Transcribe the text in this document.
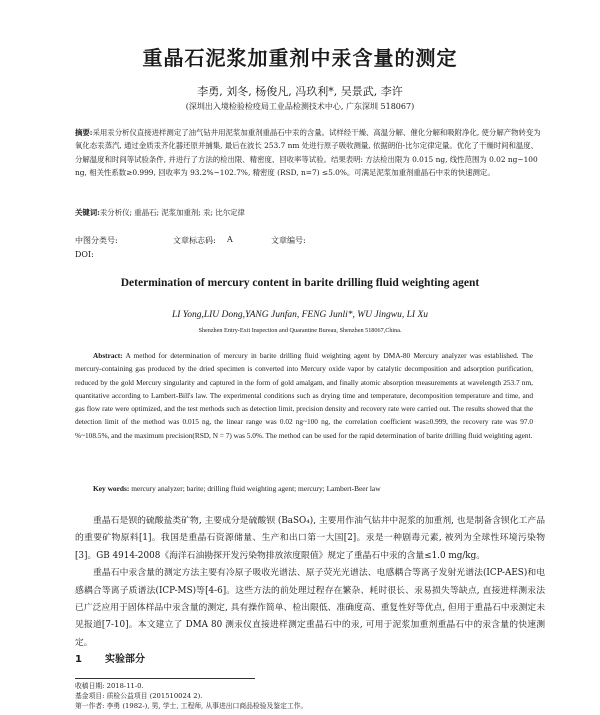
重晶石泥浆加重剂中汞含量的测定
李勇, 刘冬, 杨俊凡, 冯玖利*, 吴景武, 李许
(深圳出入境检验检疫局工业品检测技术中心, 广东深圳 518067)
摘要:采用汞分析仪直接进样测定了油气钻井用泥浆加重剂重晶石中汞的含量。试样经干燥、高温分解、催化分解和吸附净化, 使分解产物转变为氧化态汞蒸汽, 通过金质汞齐化器还原并捕集, 最后在波长 253.7 nm 处进行原子吸收测量, 依据朗伯-比尔定律定量。优化了干燥时间和温度、分解温度和时间等试验条件, 并进行了方法的检出限、精密度、回收率等试验。结果表明: 方法检出限为 0.015 ng, 线性范围为 0.02 ng~100 ng, 相关性系数≥0.999, 回收率为 93.2%~102.7%, 精密度 (RSD, n=7) ≤5.0%。可满足泥浆加重剂重晶石中汞的快速测定。
关键词:汞分析仪; 重晶石; 泥浆加重剂; 汞; 比尔定律
中图分类号:	文章标志码: A	文章编号:
DOI:
Determination of mercury content in barite drilling fluid weighting agent
LI Yong,LIU Dong,YANG Junfan, FENG Junli*, WU Jingwu, LI Xu
Shenzhen Entry-Exit Inspection and Quarantine Bureau, Shenzhen 518067,China.
Abstract: A method for determination of mercury in barite drilling fluid weighting agent by DMA-80 Mercury analyzer was established. The mercury-containing gas produced by the dried specimen is converted into Mercury oxide vapor by catalytic decomposition and adsorption purification, reduced by the gold Mercury singularity and captured in the form of gold amalgam, and finally atomic absorption measurements at wavelength 253.7 nm, quantitative according to Lambert-Bill's law. The experimental conditions such as drying time and temperature, decomposition temperature and time, and gas flow rate were optimized, and the test methods such as detection limit, precision density and recovery rate were carried out. The results showed that the detection limit of the method was 0.015 ng, the linear range was 0.02 ng~100 ng, the correlation coefficient was≥0.999, the recovery rate was 97.0 %~108.5%, and the maximum precision(RSD, N = 7) was 5.0%. The method can be used for the rapid determination of barite drilling fluid weighting agent.
Key words: mercury analyzer; barite; drilling fluid weighting agent; mercury; Lambert-Beer law

重晶石是钡的硫酸盐类矿物, 主要成分是硫酸钡 (BaSO₄), 主要用作油气钻井中泥浆的加重剂, 也是制备含钡化工产品的重要矿物原料[1]。我国是重晶石资源储量、生产和出口第一大国[2]。汞是一种剧毒元素, 被列为全球性环境污染物[3]。GB 4914-2008《海洋石油勘探开发污染物排放浓度限值》规定了重晶石中汞的含量≤1.0 mg/kg。

重晶石中汞含量的测定方法主要有冷原子吸收光谱法、原子荧光光谱法、电感耦合等离子发射光谱法(ICP-AES)和电感耦合等离子质谱法(ICP-MS)等[4-6]。这些方法的前处理过程存在繁杂、耗时很长、汞易损失等缺点, 直接进样测汞法已广泛应用于固体样品中汞含量的测定, 具有操作简单、检出限低、准确度高、重复性好等优点, 但用于重晶石中汞测定未见报道[7-10]。本文建立了 DMA 80 测汞仪直接进样测定重晶石中的汞, 可用于泥浆加重剂重晶石中的汞含量的快速测定。

1 实验部分
收稿日期: 2018-11-0.
基金项目: 质检公益项目 (201510024 2).
第一作者: 李勇 (1982-), 男, 学士, 工程师, 从事进出口商品检验及鉴定工作。
